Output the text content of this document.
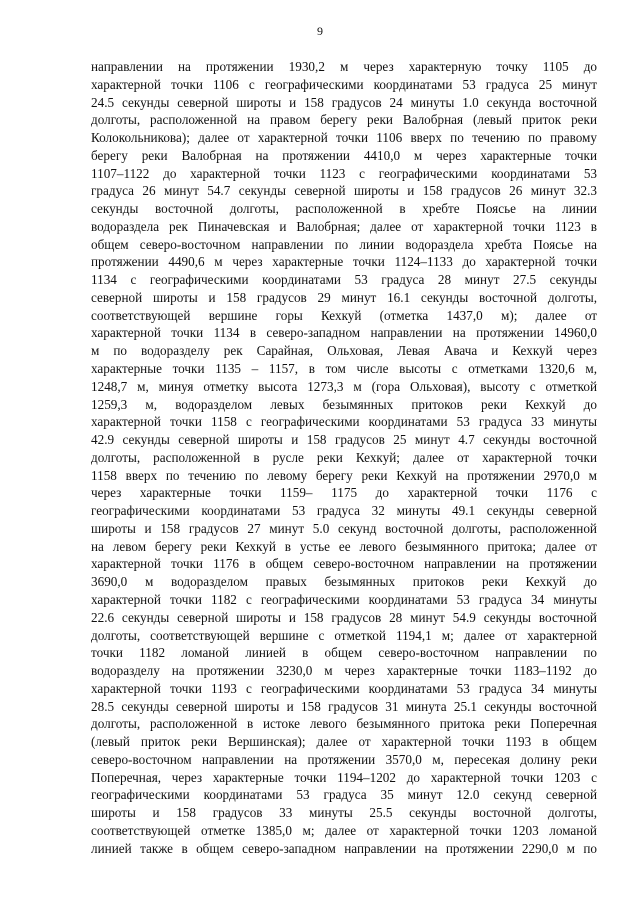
9
направлении на протяжении 1930,2 м через характерную точку 1105 до
характерной точки 1106 с географическими координатами 53 градуса 25 минут
24.5 секунды северной широты и 158 градусов 24 минуты 1.0 секунда восточной
долготы, расположенной на правом берегу реки Валобрная (левый приток реки
Колокольникова); далее от характерной точки 1106 вверх по течению по правому
берегу реки Валобрная на протяжении 4410,0 м через характерные точки
1107–1122 до характерной точки 1123 с географическими координатами 53
градуса 26 минут 54.7 секунды северной широты и 158 градусов 26 минут 32.3
секунды восточной долготы, расположенной в хребте Поясье на линии
водораздела рек Пиначевская и Валобрная; далее от характерной точки 1123 в
общем северо-восточном направлении по линии водораздела хребта Поясье на
протяжении 4490,6 м через характерные точки 1124–1133 до характерной точки
1134 с географическими координатами 53 градуса 28 минут 27.5 секунды
северной широты и 158 градусов 29 минут 16.1 секунды восточной долготы,
соответствующей вершине горы Кехкуй (отметка 1437,0 м); далее от
характерной точки 1134 в северо-западном направлении на протяжении 14960,0
м по водоразделу рек Сарайная, Ольховая, Левая Авача и Кехкуй через
характерные точки 1135 – 1157, в том числе высоты с отметками 1320,6 м,
1248,7 м, минуя отметку высота 1273,3 м (гора Ольховая), высоту с отметкой
1259,3 м, водоразделом левых безымянных притоков реки Кехкуй до
характерной точки 1158 с географическими координатами 53 градуса 33 минуты
42.9 секунды северной широты и 158 градусов 25 минут 4.7 секунды восточной
долготы, расположенной в русле реки Кехкуй; далее от характерной точки
1158 вверх по течению по левому берегу реки Кехкуй на протяжении 2970,0 м
через характерные точки 1159– 1175 до характерной точки 1176 с
географическими координатами 53 градуса 32 минуты 49.1 секунды северной
широты и 158 градусов 27 минут 5.0 секунд восточной долготы, расположенной
на левом берегу реки Кехкуй в устье ее левого безымянного притока; далее от
характерной точки 1176 в общем северо-восточном направлении на протяжении
3690,0 м водоразделом правых безымянных притоков реки Кехкуй до
характерной точки 1182 с географическими координатами 53 градуса 34 минуты
22.6 секунды северной широты и 158 градусов 28 минут 54.9 секунды восточной
долготы, соответствующей вершине с отметкой 1194,1 м; далее от характерной
точки 1182 ломаной линией в общем северо-восточном направлении по
водоразделу на протяжении 3230,0 м через характерные точки 1183–1192 до
характерной точки 1193 с географическими координатами 53 градуса 34 минуты
28.5 секунды северной широты и 158 градусов 31 минута 25.1 секунды восточной
долготы, расположенной в истоке левого безымянного притока реки Поперечная
(левый приток реки Вершинская); далее от характерной точки 1193 в общем
северо-восточном направлении на протяжении 3570,0 м, пересекая долину реки
Поперечная, через характерные точки 1194–1202 до характерной точки 1203 с
географическими координатами 53 градуса 35 минут 12.0 секунд северной
широты и 158 градусов 33 минуты 25.5 секунды восточной долготы,
соответствующей отметке 1385,0 м; далее от характерной точки 1203 ломаной
линией также в общем северо-западном направлении на протяжении 2290,0 м по
